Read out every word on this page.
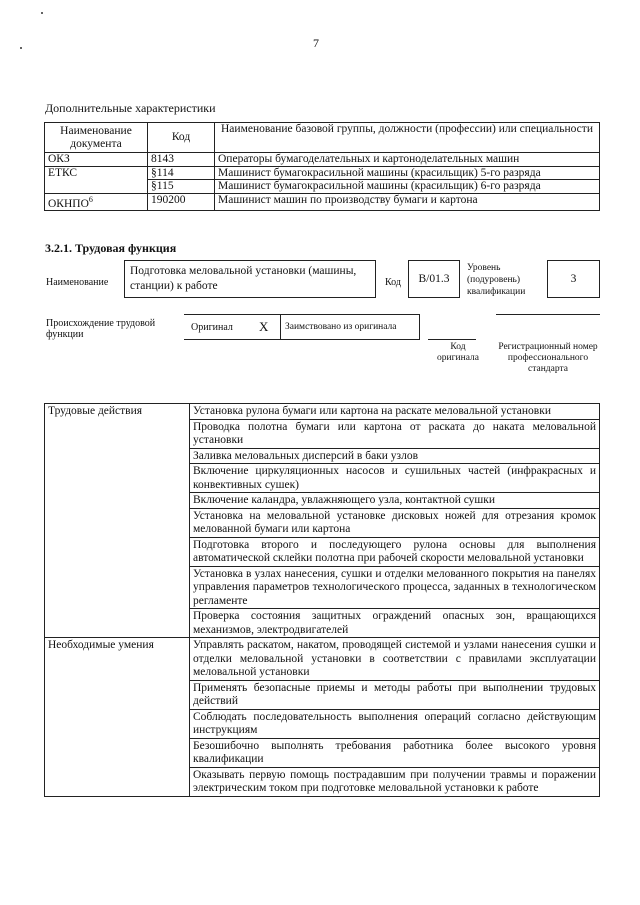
7
Дополнительные характеристики
Наименование документа	Код	Наименование базовой группы, должности (профессии) или специальности
ОКЗ	8143	Операторы бумагоделательных и картоноделательных машин
ЕТКС	§114	Машинист бумагокрасильной машины (красильщик) 5-го разряда
	§115	Машинист бумагокрасильной машины (красильщик) 6-го разряда
ОКНПО$^6$	190200	Машинист машин по производству бумаги и картона
3.2.1. Трудовая функция
Наименование
Подготовка меловальной установки (машины, станции) к работе	Код	B/01.3
Уровень (подуровень) квалификации
3
Происхождение трудовой функции
Оригинал X Заимствовано из оригинала
Код оригинала
Регистрационный номер профессионального стандарта
Трудовые действия	Установка рулона бумаги или картона на раскате меловальной установки
	Проводка полотна бумаги или картона от раската до наката меловальной установки
	Заливка меловальных дисперсий в баки узлов
	Включение циркуляционных насосов и сушильных частей (инфракрасных и конвективных сушек)
	Включение каландра, увлажняющего узла, контактной сушки
	Установка на меловальной установке дисковых ножей для отрезания кромок мелованной бумаги или картона
	Подготовка второго и последующего рулона основы для выполнения автоматической склейки полотна при рабочей скорости меловальной установки
	Установка в узлах нанесения, сушки и отделки мелованного покрытия на панелях управления параметров технологического процесса, заданных в технологическом регламенте
	Проверка состояния защитных ограждений опасных зон, вращающихся механизмов, электродвигателей
Необходимые умения	Управлять раскатом, накатом, проводящей системой и узлами нанесения сушки и отделки меловальной установки в соответствии с правилами эксплуатации меловальной установки
	Применять безопасные приемы и методы работы при выполнении трудовых действий
	Соблюдать последовательность выполнения операций согласно действующим инструкциям
	Безошибочно выполнять требования работника более высокого уровня квалификации
	Оказывать первую помощь пострадавшим при получении травмы и поражении электрическим током при подготовке меловальной установки к работе
